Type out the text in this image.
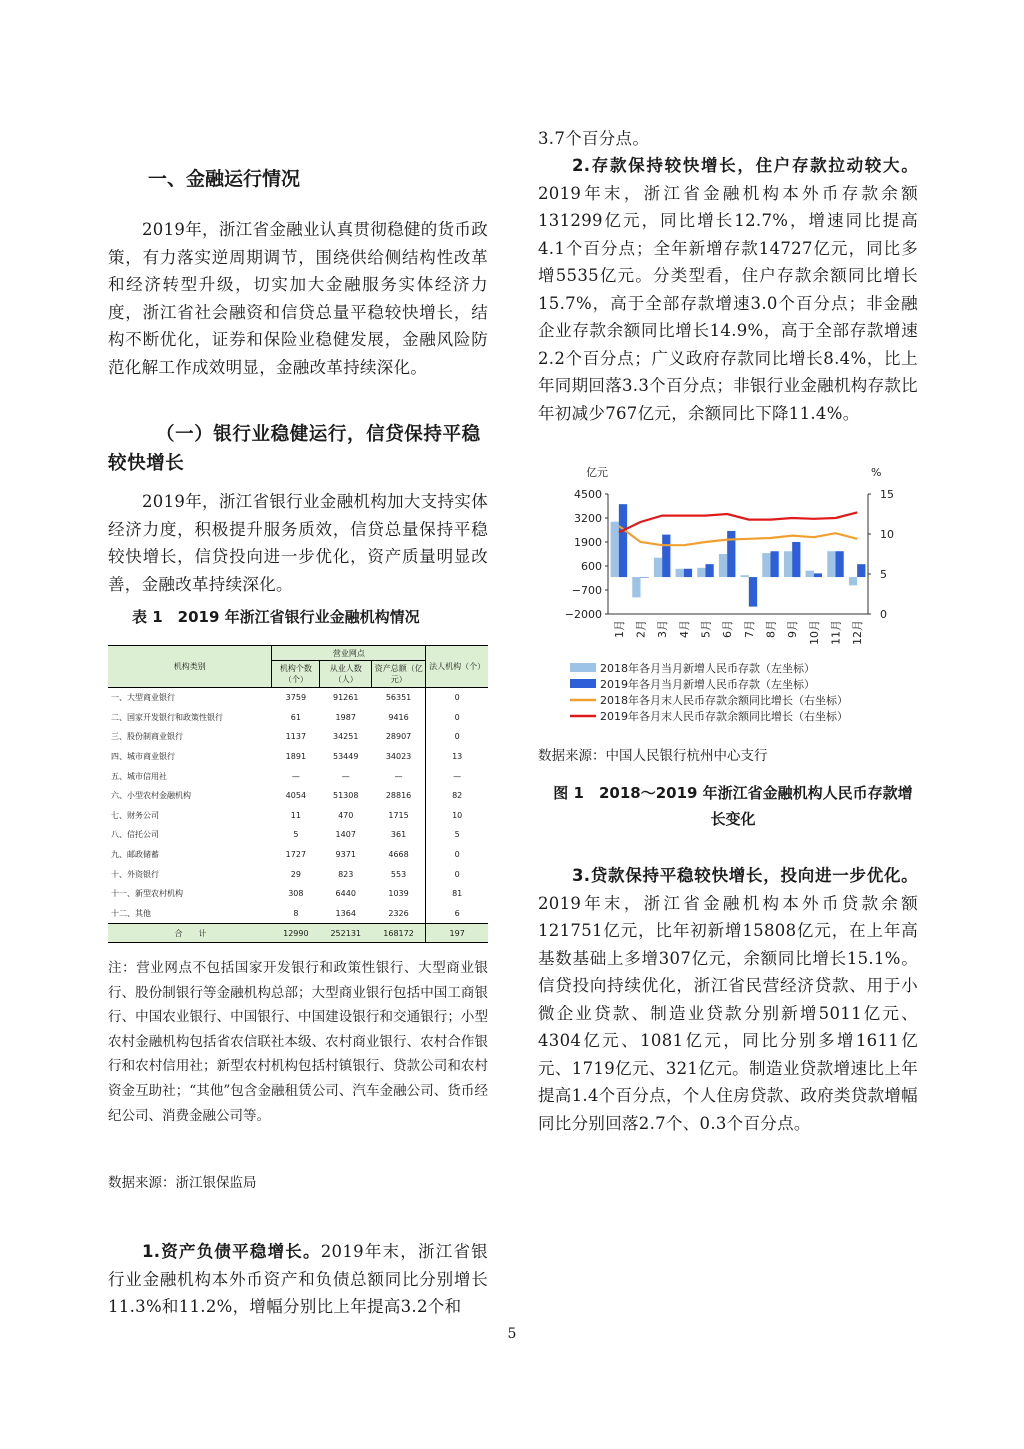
一、金融运行情况

2019年，浙江省金融业认真贯彻稳健的货币政策，有力落实逆周期调节，围绕供给侧结构性改革和经济转型升级，切实加大金融服务实体经济力度，浙江省社会融资和信贷总量平稳较快增长，结构不断优化，证券和保险业稳健发展，金融风险防范化解工作成效明显，金融改革持续深化。

（一）银行业稳健运行，信贷保持平稳较快增长

2019年，浙江省银行业金融机构加大支持实体经济力度，积极提升服务质效，信贷总量保持平稳较快增长，信贷投向进一步优化，资产质量明显改善，金融改革持续深化。

表 1　2019 年浙江省银行业金融机构情况

机构类别	营业网点			法人机构（个）
	机构个数（个）	从业人数（人）	资产总额（亿元）	
一、大型商业银行	3759	91261	56351	0
二、国家开发银行和政策性银行	61	1987	9416	0
三、股份制商业银行	1137	34251	28907	0
四、城市商业银行	1891	53449	34023	13
五、城市信用社	—	—	—	—
六、小型农村金融机构	4054	51308	28816	82
七、财务公司	11	470	1715	10
八、信托公司	5	1407	361	5
九、邮政储蓄	1727	9371	4668	0
十、外资银行	29	823	553	0
十一、新型农村机构	308	6440	1039	81
十二、其他	8	1364	2326	6
合　　计	12990	252131	168172	197

注：营业网点不包括国家开发银行和政策性银行、大型商业银行、股份制银行等金融机构总部；大型商业银行包括中国工商银行、中国农业银行、中国银行、中国建设银行和交通银行；小型农村金融机构包括省农信联社本级、农村商业银行、农村合作银行和农村信用社；新型农村机构包括村镇银行、贷款公司和农村资金互助社；“其他”包含金融租赁公司、汽车金融公司、货币经纪公司、消费金融公司等。

数据来源：浙江银保监局

1.资产负债平稳增长。2019年末，浙江省银行业金融机构本外币资产和负债总额同比分别增长11.3%和11.2%，增幅分别比上年提高3.2个和

3.7个百分点。

2.存款保持较快增长，住户存款拉动较大。2019年末，浙江省金融机构本外币存款余额131299亿元，同比增长12.7%，增速同比提高4.1个百分点；全年新增存款14727亿元，同比多增5535亿元。分类型看，住户存款余额同比增长15.7%，高于全部存款增速3.0个百分点；非金融企业存款余额同比增长14.9%，高于全部存款增速2.2个百分点；广义政府存款同比增长8.4%，比上年同期回落3.3个百分点；非银行业金融机构存款比年初减少767亿元，余额同比下降11.4%。

亿元	%
4500
3200
1900
600
−700
−2000
15
10
5
0
1月 2月 3月 4月 5月 6月 7月 8月 9月 10月 11月 12月
2018年各月当月新增人民币存款（左坐标）
2019年各月当月新增人民币存款（左坐标）
2018年各月末人民币存款余额同比增长（右坐标）
2019年各月末人民币存款余额同比增长（右坐标）

数据来源：中国人民银行杭州中心支行

图 1　2018～2019 年浙江省金融机构人民币存款增长变化

3.贷款保持平稳较快增长，投向进一步优化。2019年末，浙江省金融机构本外币贷款余额121751亿元，比年初新增15808亿元，在上年高基数基础上多增307亿元，余额同比增长15.1%。信贷投向持续优化，浙江省民营经济贷款、用于小微企业贷款、制造业贷款分别新增5011亿元、4304亿元、1081亿元，同比分别多增1611亿元、1719亿元、321亿元。制造业贷款增速比上年提高1.4个百分点，个人住房贷款、政府类贷款增幅同比分别回落2.7个、0.3个百分点。

5
